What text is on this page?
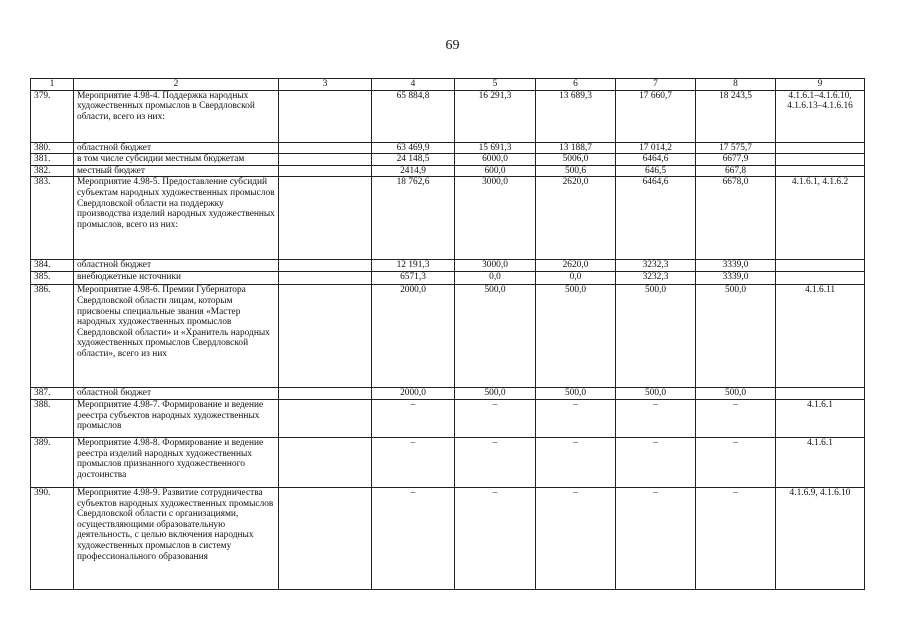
69
1	2	3	4	5	6	7	8	9
379.	Мероприятие 4.98-4. Поддержка народных художественных промыслов в Свердловской области, всего из них:		65 884,8	16 291,3	13 689,3	17 660,7	18 243,5	4.1.6.1–4.1.6.10, 4.1.6.13–4.1.6.16
380.	областной бюджет		63 469,9	15 691,3	13 188,7	17 014,2	17 575,7	
381.	в том числе субсидии местным бюджетам		24 148,5	6000,0	5006,0	6464,6	6677,9	
382.	местный бюджет		2414,9	600,0	500,6	646,5	667,8	
383.	Мероприятие 4.98-5. Предоставление субсидий субъектам народных художественных промыслов Свердловской области на поддержку производства изделий народных художественных промыслов, всего из них:		18 762,6	3000,0	2620,0	6464,6	6678,0	4.1.6.1, 4.1.6.2
384.	областной бюджет		12 191,3	3000,0	2620,0	3232,3	3339,0	
385.	внебюджетные источники		6571,3	0,0	0,0	3232,3	3339,0	
386.	Мероприятие 4.98-6. Премии Губернатора Свердловской области лицам, которым присвоены специальные звания «Мастер народных художественных промыслов Свердловской области» и «Хранитель народных художественных промыслов Свердловской области», всего из них		2000,0	500,0	500,0	500,0	500,0	4.1.6.11
387.	областной бюджет		2000,0	500,0	500,0	500,0	500,0	
388.	Мероприятие 4.98-7. Формирование и ведение реестра субъектов народных художественных промыслов		–	–	–	–	–	4.1.6.1
389.	Мероприятие 4.98-8. Формирование и ведение реестра изделий народных художественных промыслов признанного художественного достоинства		–	–	–	–	–	4.1.6.1
390.	Мероприятие 4.98-9. Развитие сотрудничества субъектов народных художественных промыслов Свердловской области с организациями, осуществляющими образовательную деятельность, с целью включения народных художественных промыслов в систему профессионального образования		–	–	–	–	–	4.1.6.9, 4.1.6.10
